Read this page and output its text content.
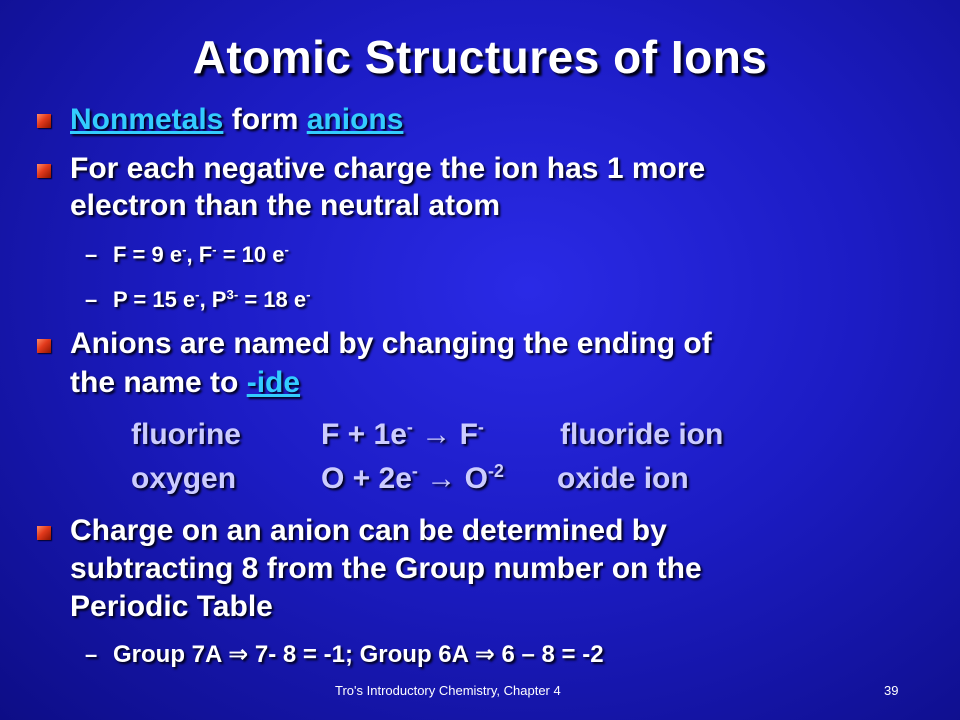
Atomic Structures of Ions
Nonmetals form anions
For each negative charge the ion has 1 more
electron than the neutral atom
– F = 9 e-, F- = 10 e-
– P = 15 e-, $P^{3-} = 18$ e-
Anions are named by changing the ending of
the name to -ide
fluorine	F + 1e- → F-	fluoride ion
oxygen	$O + 2e^- \to O^{-2}$ oxide ion
Charge on an anion can be determined by
subtracting 8 from the Group number on the
Periodic Table
– Group 7A ⇒ 7- 8 = -1; Group 6A ⇒ 6 – 8 = -2
Tro's Introductory Chemistry, Chapter 4	39
